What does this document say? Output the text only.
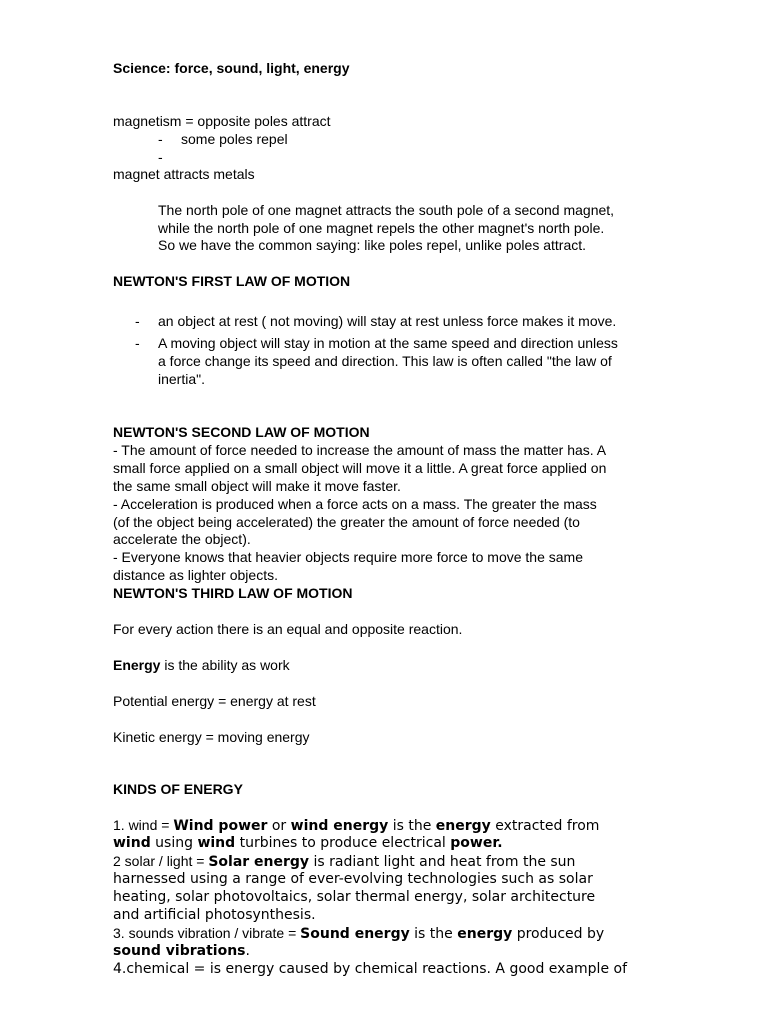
Science: force, sound, light, energy
magnetism = opposite poles attract
- some poles repel
-
magnet attracts metals
The north pole of one magnet attracts the south pole of a second magnet,
while the north pole of one magnet repels the other magnet's north pole.
So we have the common saying: like poles repel, unlike poles attract.
NEWTON'S FIRST LAW OF MOTION
- an object at rest ( not moving) will stay at rest unless force makes it move.
- A moving object will stay in motion at the same speed and direction unless
a force change its speed and direction. This law is often called "the law of
inertia".
NEWTON'S SECOND LAW OF MOTION
- The amount of force needed to increase the amount of mass the matter has. A
small force applied on a small object will move it a little. A great force applied on
the same small object will make it move faster.
- Acceleration is produced when a force acts on a mass. The greater the mass
(of the object being accelerated) the greater the amount of force needed (to
accelerate the object).
- Everyone knows that heavier objects require more force to move the same
distance as lighter objects.
NEWTON'S THIRD LAW OF MOTION
For every action there is an equal and opposite reaction.
Energy is the ability as work
Potential energy = energy at rest
Kinetic energy = moving energy
KINDS OF ENERGY
1. wind = Wind power or wind energy is the energy extracted from
wind using wind turbines to produce electrical power.
2 solar / light = Solar energy is radiant light and heat from the sun
harnessed using a range of ever-evolving technologies such as solar
heating, solar photovoltaics, solar thermal energy, solar architecture
and artificial photosynthesis.
3. sounds vibration / vibrate = Sound energy is the energy produced by
sound vibrations.
4.chemical = is energy caused by chemical reactions. A good example of
